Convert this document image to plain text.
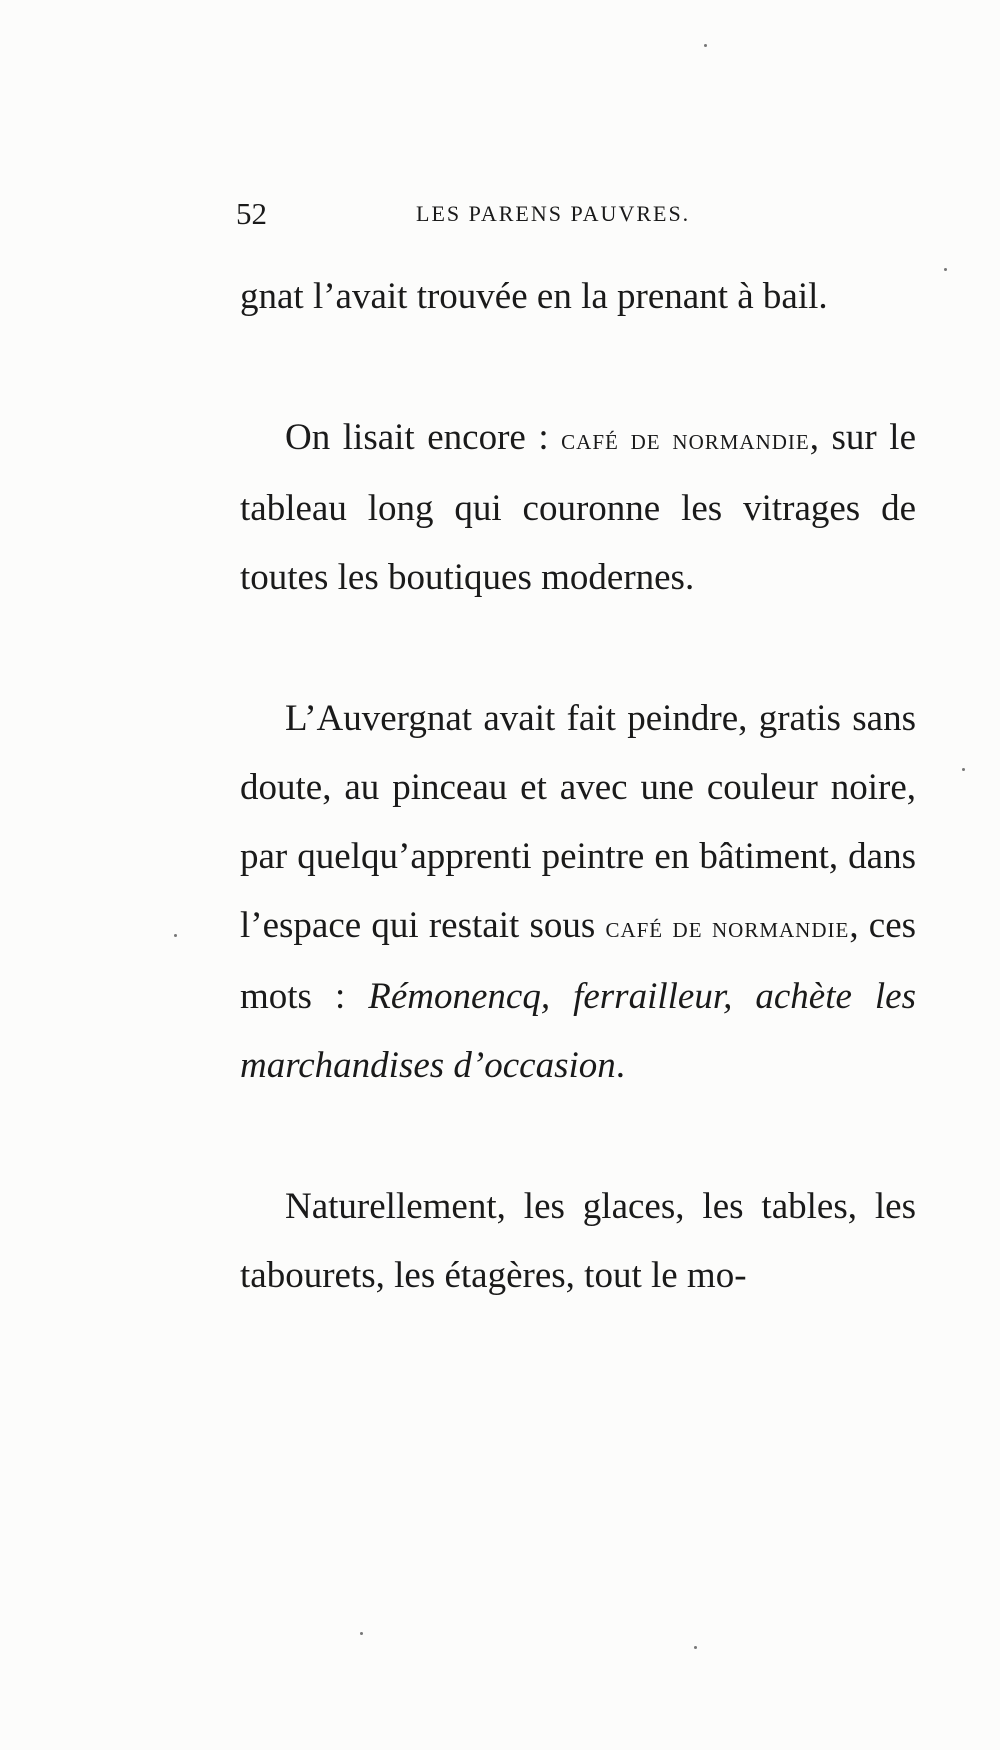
52	LES PARENS PAUVRES.

gnat l’avait trouvée en la prenant à bail.

On lisait encore : café de normandie, sur le tableau long qui couronne les vitrages de toutes les boutiques modernes.

L’Auvergnat avait fait peindre, gratis sans doute, au pinceau et avec une couleur noire, par quelqu’apprenti peintre en bâtiment, dans l’espace qui restait sous café de normandie, ces mots : Rémonencq, ferrailleur, achète les marchandises d’occasion.

Naturellement, les glaces, les tables, les tabourets, les étagères, tout le mo-
